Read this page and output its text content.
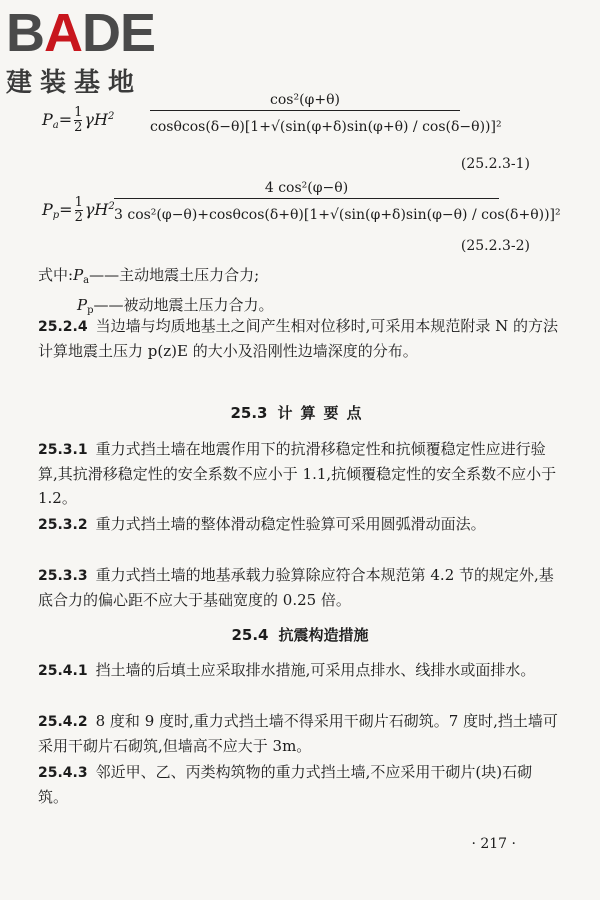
B A DE
建装基地
$P_a= \frac{1}{2} \gamma H^2$
cos²(φ+θ)
cosθcos(δ−θ)[1+√(sin(φ+δ)sin(φ+θ) / cos(δ−θ))]²
(25.2.3-1)
$P_p= \frac{1}{2} \gamma H^2$
4 cos²(φ−θ)
3 cos²(φ−θ)+cosθcos(δ+θ)[1+√(sin(φ+δ)sin(φ−θ) / cos(δ+θ))]²
(25.2.3-2)
式中$:P_a——$主动地震土压力合力;
$P_p——$被动地震土压力合力。

25.2.4 当边墙与均质地基土之间产生相对位移时,可采用本规范附录 N 的方法计算地震土压力 p(z)E 的大小及沿刚性边墙深度的分布。

25.3 计算要点

25.3.1 重力式挡土墙在地震作用下的抗滑移稳定性和抗倾覆稳定性应进行验算,其抗滑移稳定性的安全系数不应小于 1.1,抗倾覆稳定性的安全系数不应小于 1.2。

25.3.2 重力式挡土墙的整体滑动稳定性验算可采用圆弧滑动面法。

25.3.3 重力式挡土墙的地基承载力验算除应符合本规范第 4.2 节的规定外,基底合力的偏心距不应大于基础宽度的 0.25 倍。

25.4 抗震构造措施

25.4.1 挡土墙的后填土应采取排水措施,可采用点排水、线排水或面排水。

25.4.2 8 度和 9 度时,重力式挡土墙不得采用干砌片石砌筑。7 度时,挡土墙可采用干砌片石砌筑,但墙高不应大于 3m。

25.4.3 邻近甲、乙、丙类构筑物的重力式挡土墙,不应采用干砌片(块)石砌筑。

· 217 ·
